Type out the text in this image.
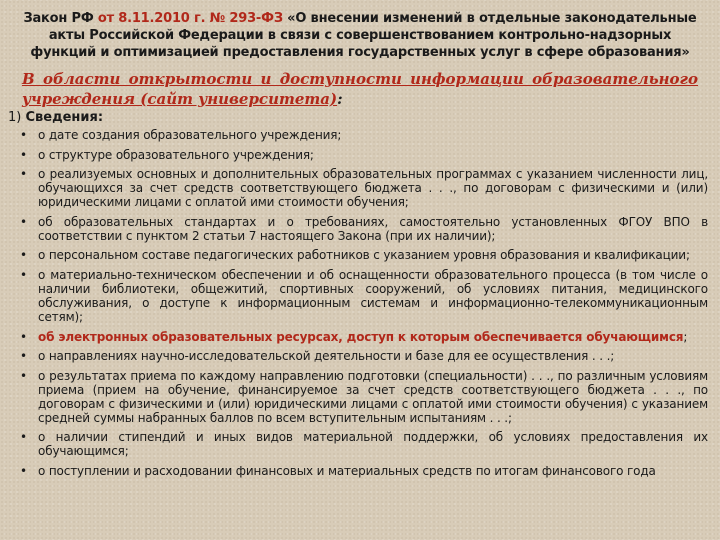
Закон РФ от 8.11.2010 г. № 293-ФЗ «О внесении изменений в отдельные законодательные акты Российской Федерации в связи с совершенствованием контрольно-надзорных функций и оптимизацией предоставления государственных услуг в сфере образования»
В области открытости и доступности информации образовательного учреждения (сайт университета):
1) Сведения:
• о дате создания образовательного учреждения;
• о структуре образовательного учреждения;
• о реализуемых основных и дополнительных образовательных программах с указанием численности лиц, обучающихся за счет средств соответствующего бюджета . . ., по договорам с физическими и (или) юридическими лицами с оплатой ими стоимости обучения;
• об образовательных стандартах и о требованиях, самостоятельно установленных ФГОУ ВПО в соответствии с пунктом 2 статьи 7 настоящего Закона (при их наличии);
• о персональном составе педагогических работников с указанием уровня образования и квалификации;
• о материально-техническом обеспечении и об оснащенности образовательного процесса (в том числе о наличии библиотеки, общежитий, спортивных сооружений, об условиях питания, медицинского обслуживания, о доступе к информационным системам и информационно-телекоммуникационным сетям);
• об электронных образовательных ресурсах, доступ к которым обеспечивается обучающимся;
• о направлениях научно-исследовательской деятельности и базе для ее осуществления . . .;
• о результатах приема по каждому направлению подготовки (специальности) . . ., по различным условиям приема (прием на обучение, финансируемое за счет средств соответствующего бюджета . . ., по договорам с физическими и (или) юридическими лицами с оплатой ими стоимости обучения) с указанием средней суммы набранных баллов по всем вступительным испытаниям . . .;
• о наличии стипендий и иных видов материальной поддержки, об условиях предоставления их обучающимся;
• о поступлении и расходовании финансовых и материальных средств по итогам финансового года
